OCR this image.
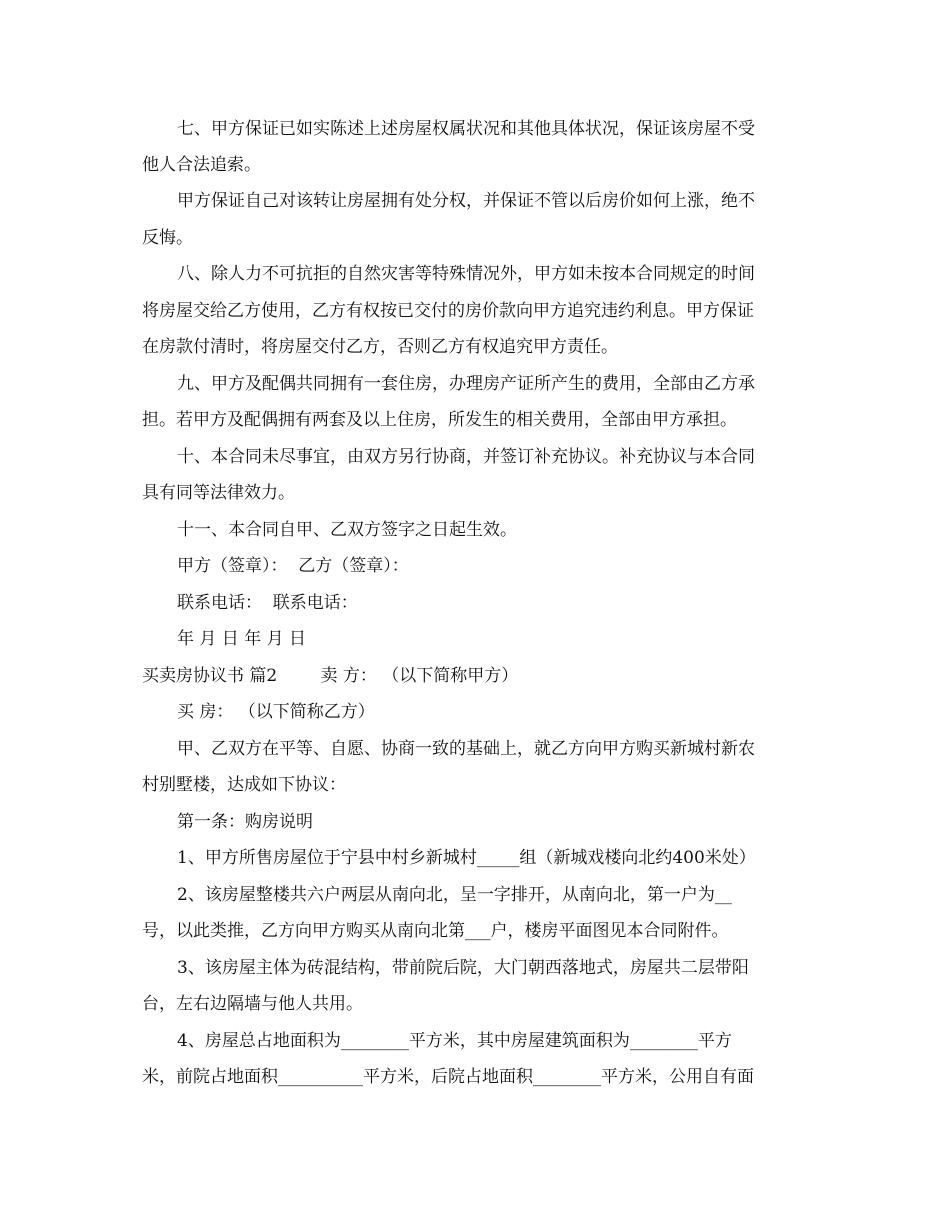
七、甲方保证已如实陈述上述房屋权属状况和其他具体状况，保证该房屋不受
他人合法追索。
甲方保证自己对该转让房屋拥有处分权，并保证不管以后房价如何上涨，绝不
反悔。
八、除人力不可抗拒的自然灾害等特殊情况外，甲方如未按本合同规定的时间
将房屋交给乙方使用，乙方有权按已交付的房价款向甲方追究违约利息。甲方保证
在房款付清时，将房屋交付乙方，否则乙方有权追究甲方责任。
九、甲方及配偶共同拥有一套住房，办理房产证所产生的费用，全部由乙方承
担。若甲方及配偶拥有两套及以上住房，所发生的相关费用，全部由甲方承担。
十、本合同未尽事宜，由双方另行协商，并签订补充协议。补充协议与本合同
具有同等法律效力。
十一、本合同自甲、乙双方签字之日起生效。
甲方（签章）：  乙方（签章）：
联系电话：  联系电话：
年 月 日 年 月 日
买卖房协议书 篇2        卖 方： （以下简称甲方）
买 房： （以下简称乙方）
甲、乙双方在平等、自愿、协商一致的基础上，就乙方向甲方购买新城村新农
村别墅楼，达成如下协议：
第一条：购房说明
1、甲方所售房屋位于宁县中村乡新城村_____组（新城戏楼向北约400米处）
2、该房屋整楼共六户两层从南向北，呈一字排开，从南向北，第一户为__
号，以此类推，乙方向甲方购买从南向北第___户，楼房平面图见本合同附件。
3、该房屋主体为砖混结构，带前院后院，大门朝西落地式，房屋共二层带阳
台，左右边隔墙与他人共用。
4、房屋总占地面积为________平方米，其中房屋建筑面积为________平方
米，前院占地面积__________平方米，后院占地面积________平方米，公用自有面
